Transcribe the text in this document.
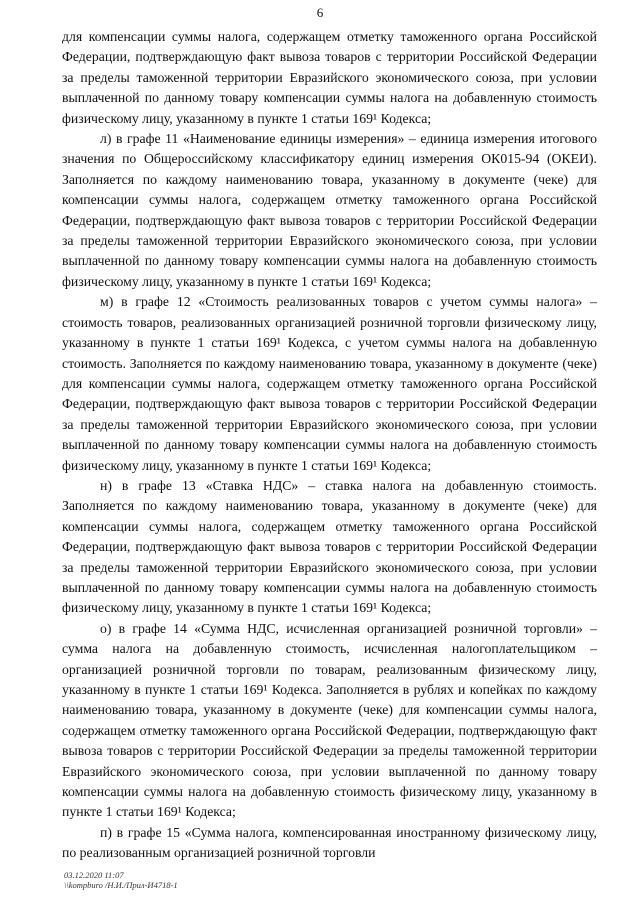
6

для компенсации суммы налога, содержащем отметку таможенного органа Российской Федерации, подтверждающую факт вывоза товаров с территории Российской Федерации за пределы таможенной территории Евразийского экономического союза, при условии выплаченной по данному товару компенсации суммы налога на добавленную стоимость физическому лицу, указанному в пункте 1 статьи 169¹ Кодекса;

л) в графе 11 «Наименование единицы измерения» – единица измерения итогового значения по Общероссийскому классификатору единиц измерения ОК015-94 (ОКЕИ). Заполняется по каждому наименованию товара, указанному в документе (чеке) для компенсации суммы налога, содержащем отметку таможенного органа Российской Федерации, подтверждающую факт вывоза товаров с территории Российской Федерации за пределы таможенной территории Евразийского экономического союза, при условии выплаченной по данному товару компенсации суммы налога на добавленную стоимость физическому лицу, указанному в пункте 1 статьи 169¹ Кодекса;

м) в графе 12 «Стоимость реализованных товаров с учетом суммы налога» – стоимость товаров, реализованных организацией розничной торговли физическому лицу, указанному в пункте 1 статьи 169¹ Кодекса, с учетом суммы налога на добавленную стоимость. Заполняется по каждому наименованию товара, указанному в документе (чеке) для компенсации суммы налога, содержащем отметку таможенного органа Российской Федерации, подтверждающую факт вывоза товаров с территории Российской Федерации за пределы таможенной территории Евразийского экономического союза, при условии выплаченной по данному товару компенсации суммы налога на добавленную стоимость физическому лицу, указанному в пункте 1 статьи 169¹ Кодекса;

н) в графе 13 «Ставка НДС» – ставка налога на добавленную стоимость. Заполняется по каждому наименованию товара, указанному в документе (чеке) для компенсации суммы налога, содержащем отметку таможенного органа Российской Федерации, подтверждающую факт вывоза товаров с территории Российской Федерации за пределы таможенной территории Евразийского экономического союза, при условии выплаченной по данному товару компенсации суммы налога на добавленную стоимость физическому лицу, указанному в пункте 1 статьи 169¹ Кодекса;

о) в графе 14 «Сумма НДС, исчисленная организацией розничной торговли» – сумма налога на добавленную стоимость, исчисленная налогоплательщиком – организацией розничной торговли по товарам, реализованным физическому лицу, указанному в пункте 1 статьи 169¹ Кодекса. Заполняется в рублях и копейках по каждому наименованию товара, указанному в документе (чеке) для компенсации суммы налога, содержащем отметку таможенного органа Российской Федерации, подтверждающую факт вывоза товаров с территории Российской Федерации за пределы таможенной территории Евразийского экономического союза, при условии выплаченной по данному товару компенсации суммы налога на добавленную стоимость физическому лицу, указанному в пункте 1 статьи 169¹ Кодекса;

п) в графе 15 «Сумма налога, компенсированная иностранному физическому лицу, по реализованным организацией розничной торговли

03.12.2020 11:07
\\kompburo /Н.И./Прил-И4718-1
